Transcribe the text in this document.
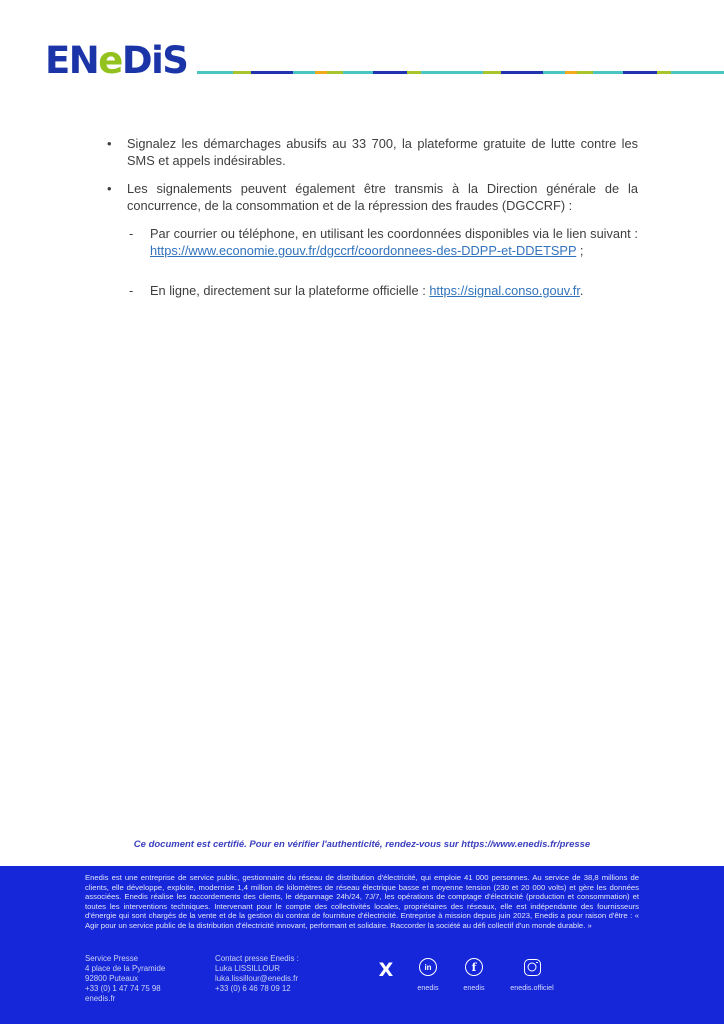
ENeDiS
•	Signalez les démarchages abusifs au 33 700, la plateforme gratuite de lutte contre les SMS et appels indésirables.
•	Les signalements peuvent également être transmis à la Direction générale de la concurrence, de la consommation et de la répression des fraudes (DGCCRF) :
-	Par courrier ou téléphone, en utilisant les coordonnées disponibles via le lien suivant : https://www.economie.gouv.fr/dgccrf/coordonnees-des-DDPP-et-DDETSPP ;
-	En ligne, directement sur la plateforme officielle : https://signal.conso.gouv.fr.
Ce document est certifié. Pour en vérifier l'authenticité, rendez-vous sur https://www.enedis.fr/presse
Enedis est une entreprise de service public, gestionnaire du réseau de distribution d'électricité, qui emploie 41 000 personnes. Au service de 38,8 millions de clients, elle développe, exploite, modernise 1,4 million de kilomètres de réseau électrique basse et moyenne tension (230 et 20 000 volts) et gère les données associées. Enedis réalise les raccordements des clients, le dépannage 24h/24, 7J/7, les opérations de comptage d'électricité (production et consommation) et toutes les interventions techniques. Intervenant pour le compte des collectivités locales, propriétaires des réseaux, elle est indépendante des fournisseurs d'énergie qui sont chargés de la vente et de la gestion du contrat de fourniture d'électricité. Entreprise à mission depuis juin 2023, Enedis a pour raison d'être : « Agir pour un service public de la distribution d'électricité innovant, performant et solidaire. Raccorder la société au défi collectif d'un monde durable. »
Service Presse
4 place de la Pyramide
92800 Puteaux
+33 (0) 1 47 74 75 98
enedis.fr
Contact presse Enedis :
Luka LISSILLOUR
luka.lissillour@enedis.fr
+33 (0) 6 46 78 09 12
X	in
enedis
f
enedis	enedis.officiel
